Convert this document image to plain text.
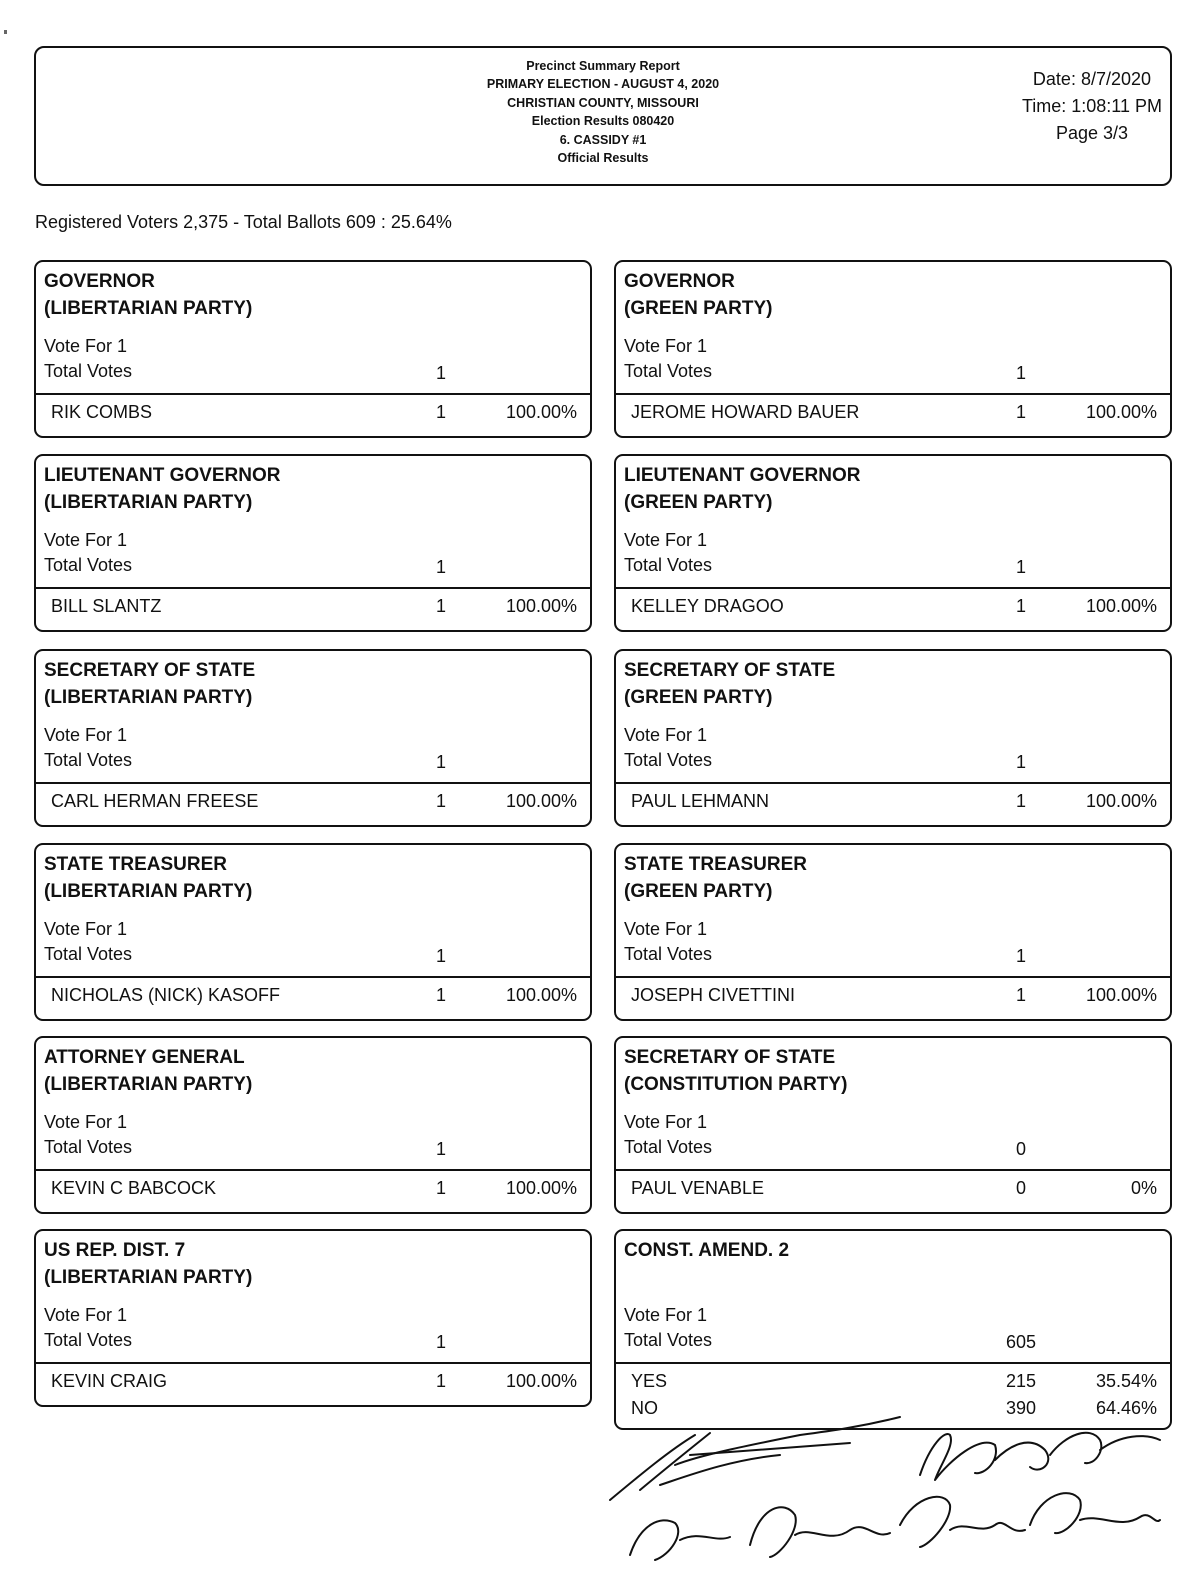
Precinct Summary Report
PRIMARY ELECTION - AUGUST 4, 2020
CHRISTIAN COUNTY, MISSOURI
Election Results 080420
6. CASSIDY #1
Official Results
Date: 8/7/2020
Time: 1:08:11 PM
Page 3/3
Registered Voters 2,375 - Total Ballots 609 : 25.64%
GOVERNOR
(LIBERTARIAN PARTY)
Vote For 1
Total Votes	1
RIK COMBS	1	100.00%
GOVERNOR
(GREEN PARTY)
Vote For 1
Total Votes	1
JEROME HOWARD BAUER	1	100.00%
LIEUTENANT GOVERNOR
(LIBERTARIAN PARTY)
Vote For 1
Total Votes	1
BILL SLANTZ	1	100.00%
LIEUTENANT GOVERNOR
(GREEN PARTY)
Vote For 1
Total Votes	1
KELLEY DRAGOO	1	100.00%
SECRETARY OF STATE
(LIBERTARIAN PARTY)
Vote For 1
Total Votes	1
CARL HERMAN FREESE	1	100.00%
SECRETARY OF STATE
(GREEN PARTY)
Vote For 1
Total Votes	1
PAUL LEHMANN	1	100.00%
STATE TREASURER
(LIBERTARIAN PARTY)
Vote For 1
Total Votes	1
NICHOLAS (NICK) KASOFF	1	100.00%
STATE TREASURER
(GREEN PARTY)
Vote For 1
Total Votes	1
JOSEPH CIVETTINI	1	100.00%
ATTORNEY GENERAL
(LIBERTARIAN PARTY)
Vote For 1
Total Votes	1
KEVIN C BABCOCK	1	100.00%
SECRETARY OF STATE
(CONSTITUTION PARTY)
Vote For 1
Total Votes	0
PAUL VENABLE	0	0%
US REP. DIST. 7
(LIBERTARIAN PARTY)
Vote For 1
Total Votes	1
KEVIN CRAIG	1	100.00%
CONST. AMEND. 2
Vote For 1
Total Votes	605
YES	215	35.54%
NO	390	64.46%
